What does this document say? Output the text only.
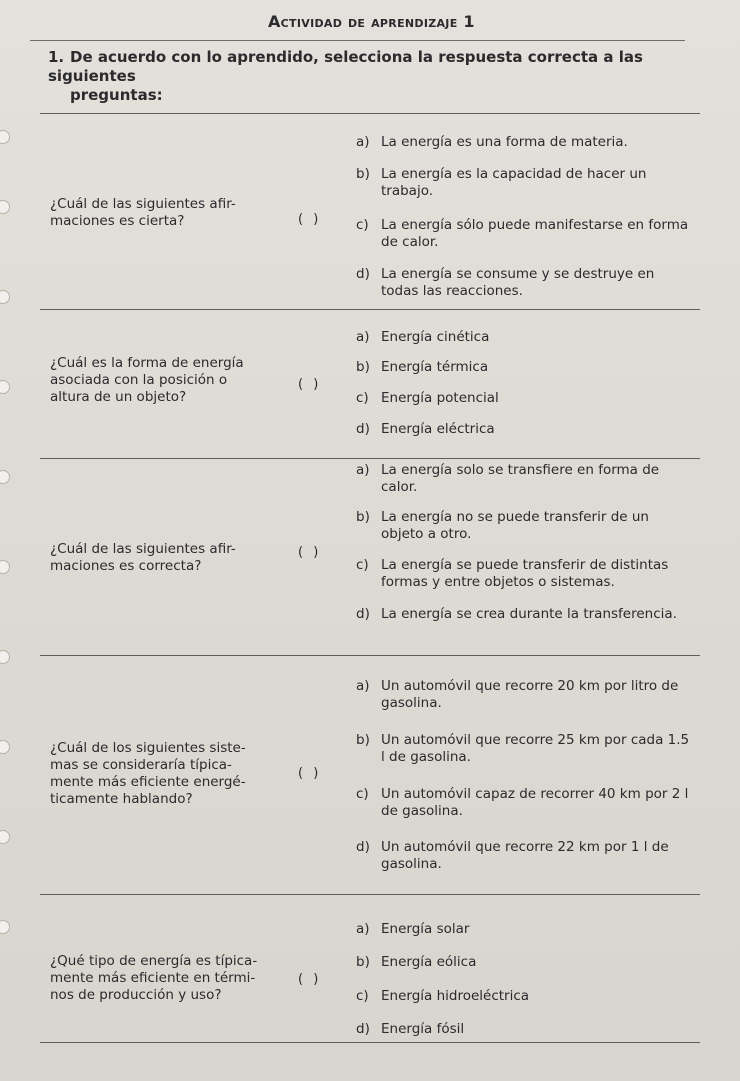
Actividad de aprendizaje 1
1. De acuerdo con lo aprendido, selecciona la respuesta correcta a las siguientes
preguntas:
¿Cuál de las siguientes afir-
maciones es cierta?	( )
a) La energía es una forma de materia.
b) La energía es la capacidad de hacer un trabajo.
c) La energía sólo puede manifestarse en forma de calor.
d) La energía se consume y se destruye en todas las reacciones.
¿Cuál es la forma de energía
asociada con la posición o
altura de un objeto?
( )
a) Energía cinética
b) Energía térmica
c) Energía potencial
d) Energía eléctrica
¿Cuál de las siguientes afir-
maciones es correcta?
( )
a) La energía solo se transfiere en forma de calor.
b) La energía no se puede transferir de un objeto a otro.
c) La energía se puede transferir de distintas formas y entre objetos o sistemas.
d) La energía se crea durante la transferencia.
¿Cuál de los siguientes siste-
mas se consideraría típica-
mente más eficiente energé-
ticamente hablando?
( )
a) Un automóvil que recorre 20 km por litro de gasolina.
b) Un automóvil que recorre 25 km por cada 1.5 l de gasolina.
c) Un automóvil capaz de recorrer 40 km por 2 l de gasolina.
d) Un automóvil que recorre 22 km por 1 l de gasolina.
¿Qué tipo de energía es típica-
mente más eficiente en térmi-
nos de producción y uso?
( )
a) Energía solar
b) Energía eólica
c) Energía hidroeléctrica
d) Energía fósil
